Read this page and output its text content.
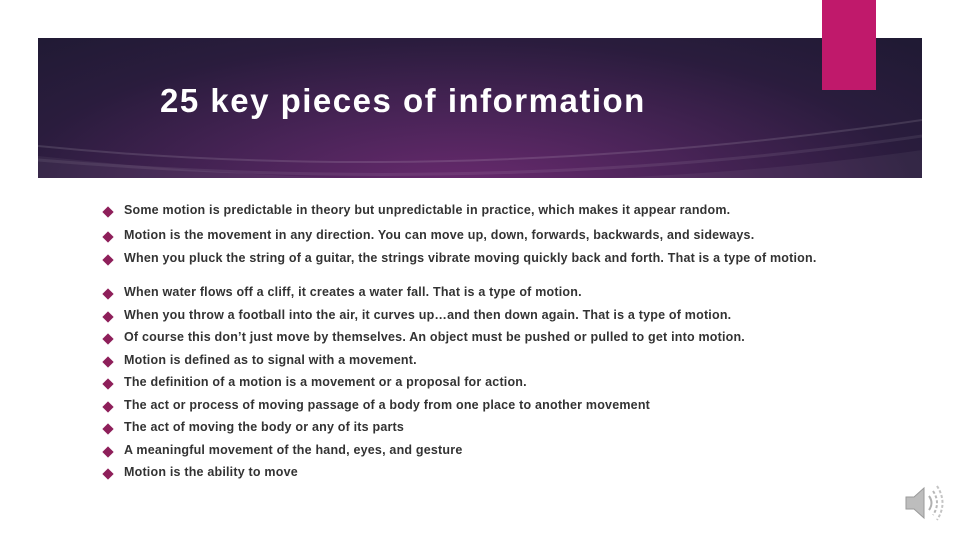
25 key pieces of information
Some motion is predictable in theory but unpredictable in practice, which makes it appear random.
Motion is the movement in any direction. You can move up, down, forwards, backwards, and sideways.
When you pluck the string of a guitar, the strings vibrate moving quickly back and forth. That is a type of motion.
When water flows off a cliff, it creates a water fall. That is a type of motion.
When you throw a football into the air, it curves up…and then down again. That is a type of motion.
Of course this don’t just move by themselves. An object must be pushed or pulled to get into motion.
Motion is defined as to signal with a movement.
The definition of a motion is a movement or a proposal for action.
The act or process of moving passage of a body from one place to another movement
The act of moving the body or any of its parts
A meaningful movement of the hand, eyes, and gesture
Motion is the ability to move
